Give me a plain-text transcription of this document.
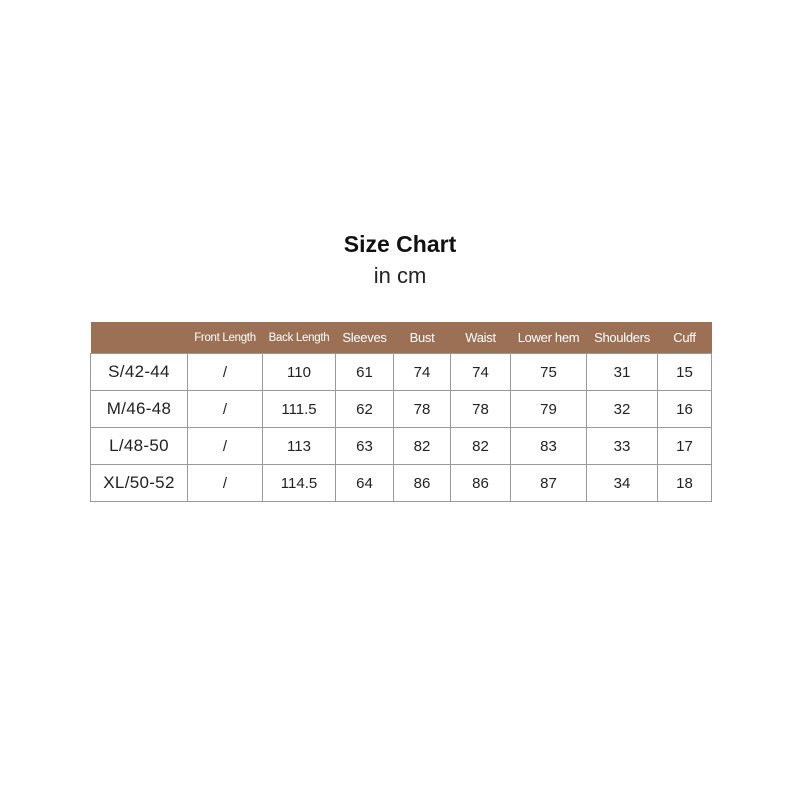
Size Chart
in cm
	Front Length	Back Length	Sleeves	Bust	Waist	Lower hem	Shoulders	Cuff
S/42-44	/	110	61	74	74	75	31	15
M/46-48	/	111.5	62	78	78	79	32	16
L/48-50	/	113	63	82	82	83	33	17
XL/50-52	/	114.5	64	86	86	87	34	18
